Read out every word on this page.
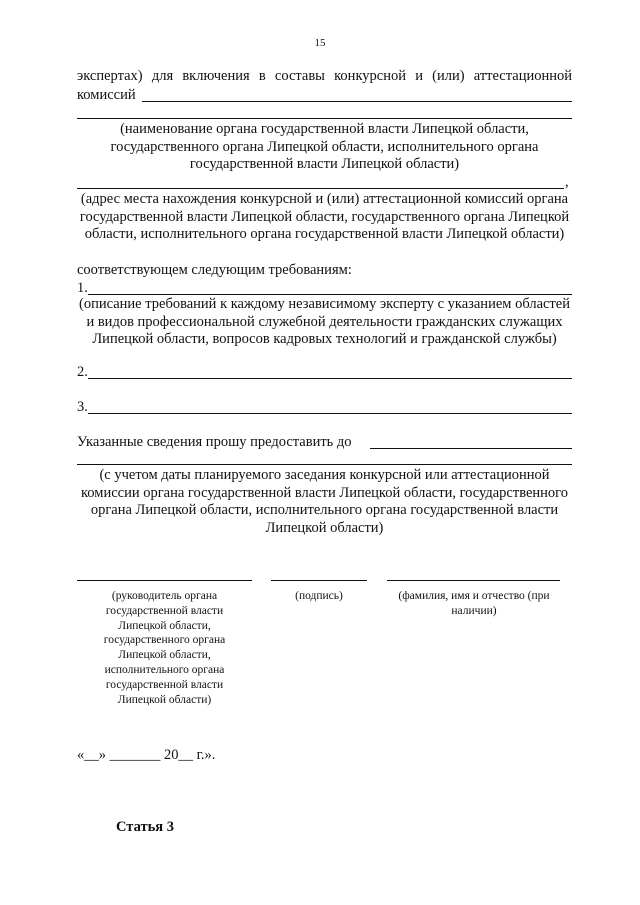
15
экспертах) для включения в составы конкурсной и (или) аттестационной
комиссий
(наименование органа государственной власти Липецкой области, государственного органа Липецкой области, исполнительного органа государственной власти Липецкой области)
,
(адрес места нахождения конкурсной и (или) аттестационной комиссий органа государственной власти Липецкой области, государственного органа Липецкой области, исполнительного органа государственной власти Липецкой области)
соответствующем следующим требованиям:
1.
(описание требований к каждому независимому эксперту с указанием областей и видов профессиональной служебной деятельности гражданских служащих Липецкой области, вопросов кадровых технологий и гражданской службы)
2.
3.
Указанные сведения прошу предоставить до
(с учетом даты планируемого заседания конкурсной или аттестационной комиссии органа государственной власти Липецкой области, государственного органа Липецкой области, исполнительного органа государственной власти Липецкой области)
(руководитель органа государственной власти Липецкой области, государственного органа Липецкой области, исполнительного органа государственной власти Липецкой области)
(подпись)	(фамилия, имя и отчество (при наличии)
«__» _______ 20__ г.».
Статья 3
